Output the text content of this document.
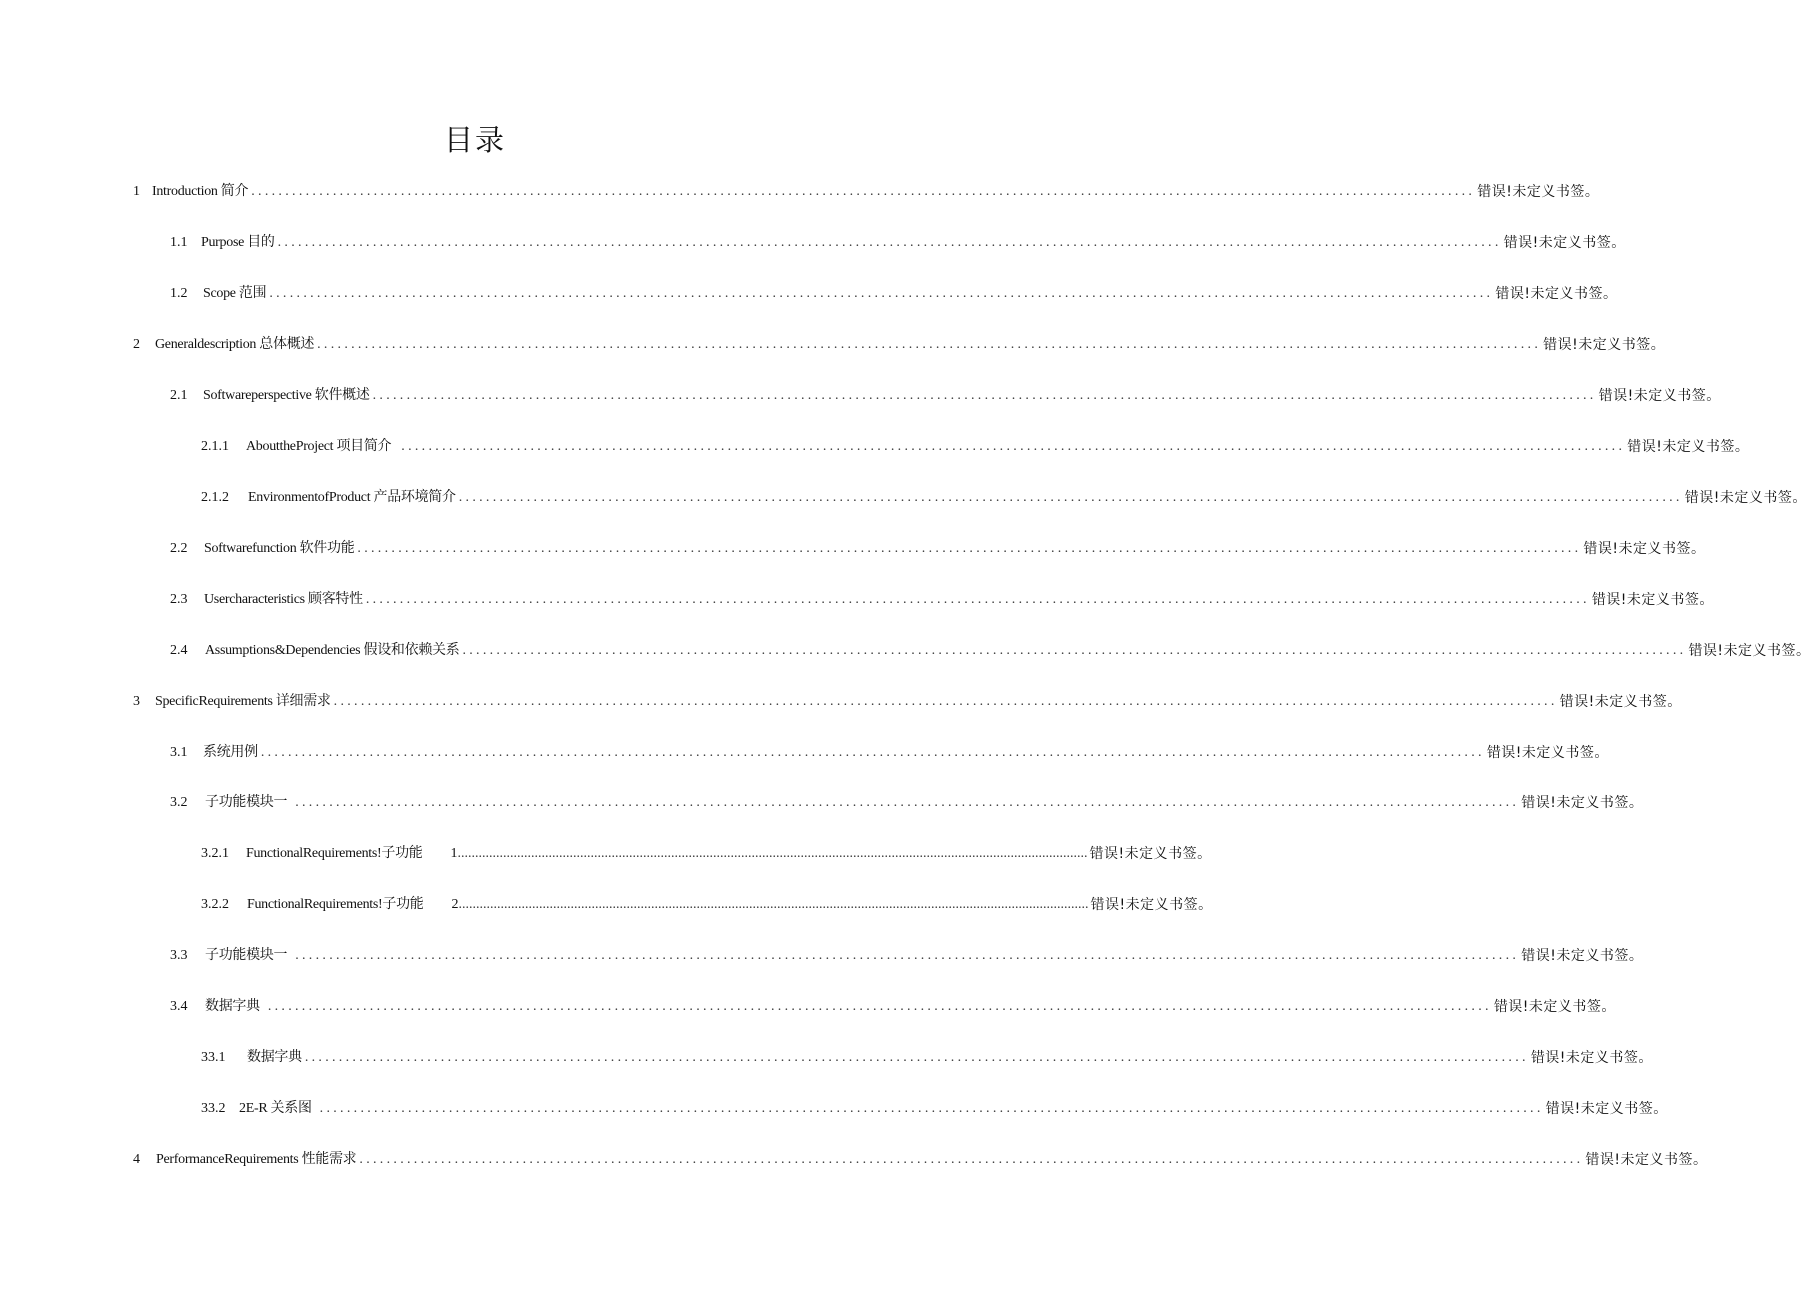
目录
1 Introduction 简介 .................................................................................................................................................................................... 错误!未定义书签。
1.1 Purpose 目的 .................................................................................................................................................................................... 错误!未定义书签。
1.2	Scope 范围 .................................................................................................................................................................................... 错误!未定义书签。
2	Generaldescription 总体概述 .................................................................................................................................................................................... 错误!未定义书签。
2.1	Softwareperspective 软件概述 .................................................................................................................................................................................... 错误!未定义书签。
2.1.1	AbouttheProject 项目简介 .................................................................................................................................................................................... 错误!未定义书签。
2.1.2	EnvironmentofProduct 产品环境简介 .................................................................................................................................................................................... 错误!未定义书签。
2.2	Softwarefunction 软件功能 .................................................................................................................................................................................... 错误!未定义书签。
2.3	Usercharacteristics 顾客特性 .................................................................................................................................................................................... 错误!未定义书签。
2.4	Assumptions&Dependencies 假设和依赖关系 .................................................................................................................................................................................... 错误!未定义书签。
3	SpecificRequirements 详细需求 .................................................................................................................................................................................... 错误!未定义书签。
3.1	系统用例 .................................................................................................................................................................................... 错误!未定义书签。
3.2	子功能模块一 .................................................................................................................................................................................... 错误!未定义书签。
3.2.1	FunctionalRequirements!子功能 1 .................................................................................................................................................................................... 错误!未定义书签。
3.2.2	FunctionalRequirements!子功能 2 .................................................................................................................................................................................... 错误!未定义书签。
3.3	子功能模块一 .................................................................................................................................................................................... 错误!未定义书签。
3.4	数据字典 .................................................................................................................................................................................... 错误!未定义书签。
33.1	数据字典 .................................................................................................................................................................................... 错误!未定义书签。
33.2 2E-R 关系图 .................................................................................................................................................................................... 错误!未定义书签。
4	PerformanceRequirements 性能需求 .................................................................................................................................................................................... 错误!未定义书签。
